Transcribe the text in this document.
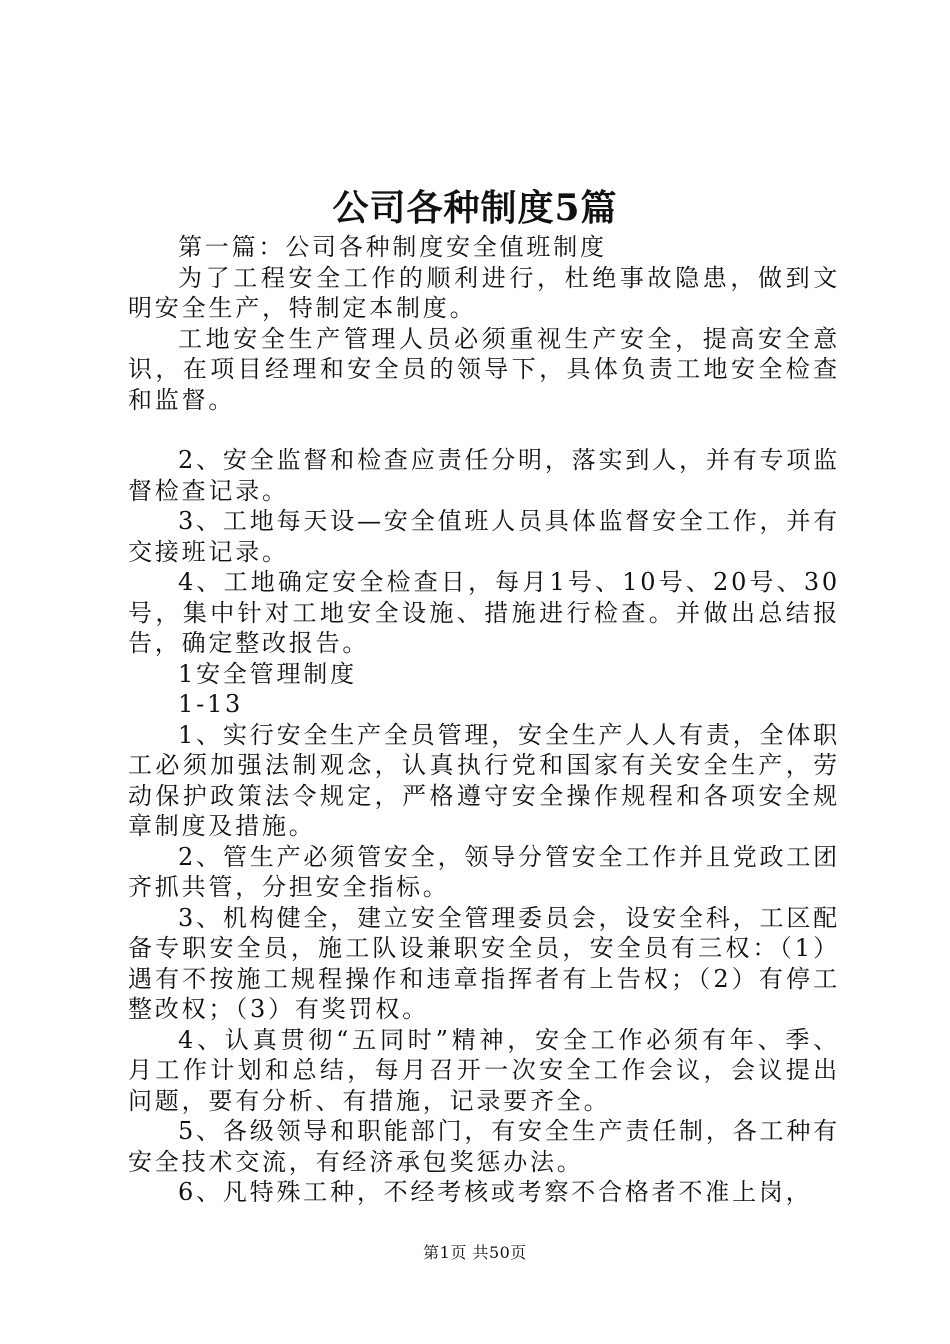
公司各种制度5篇

第一篇：公司各种制度安全值班制度

为了工程安全工作的顺利进行，杜绝事故隐患，做到文明安全生产，特制定本制度。

工地安全生产管理人员必须重视生产安全，提高安全意识，在项目经理和安全员的领导下，具体负责工地安全检查和监督。

2、安全监督和检查应责任分明，落实到人，并有专项监督检查记录。

3、工地每天设—安全值班人员具体监督安全工作，并有交接班记录。

4、工地确定安全检查日，每月1号、10号、20号、30号，集中针对工地安全设施、措施进行检查。并做出总结报告，确定整改报告。

1安全管理制度

1-13

1、实行安全生产全员管理，安全生产人人有责，全体职工必须加强法制观念，认真执行党和国家有关安全生产，劳动保护政策法令规定，严格遵守安全操作规程和各项安全规章制度及措施。

2、管生产必须管安全，领导分管安全工作并且党政工团齐抓共管，分担安全指标。

3、机构健全，建立安全管理委员会，设安全科，工区配备专职安全员，施工队设兼职安全员，安全员有三权：（1）遇有不按施工规程操作和违章指挥者有上告权；（2）有停工整改权；（3）有奖罚权。

4、认真贯彻“五同时”精神，安全工作必须有年、季、月工作计划和总结，每月召开一次安全工作会议，会议提出问题，要有分析、有措施，记录要齐全。

5、各级领导和职能部门，有安全生产责任制，各工种有安全技术交流，有经济承包奖惩办法。

6、凡特殊工种，不经考核或考察不合格者不准上岗，

第1页 共50页
